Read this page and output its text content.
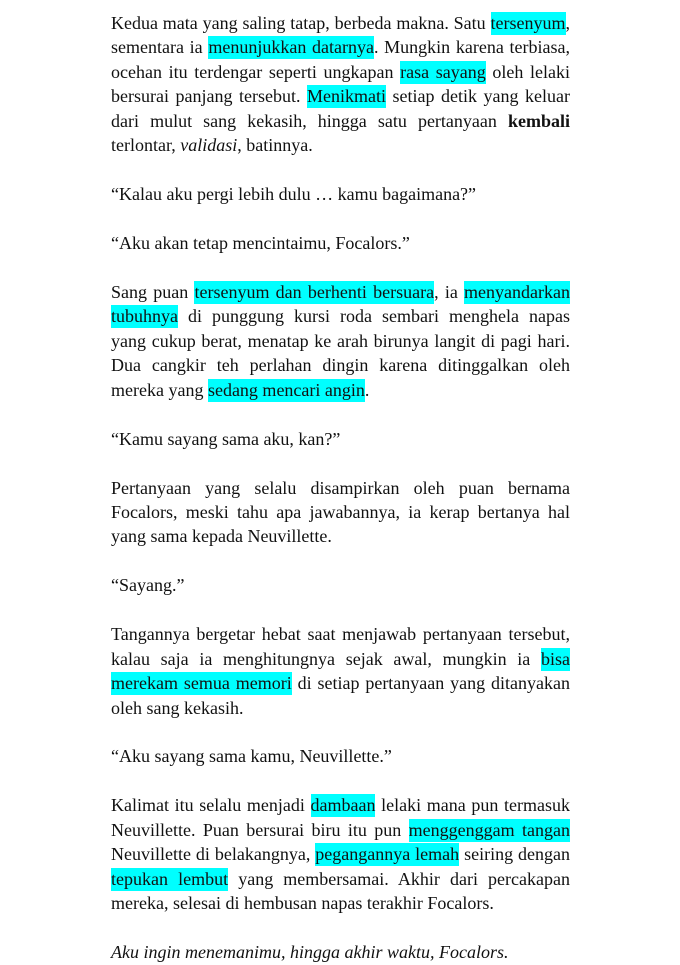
Kedua mata yang saling tatap, berbeda makna. Satu tersenyum, sementara ia menunjukkan datarnya. Mungkin karena terbiasa, ocehan itu terdengar seperti ungkapan rasa sayang oleh lelaki bersurai panjang tersebut. Menikmati setiap detik yang keluar dari mulut sang kekasih, hingga satu pertanyaan kembali terlontar, validasi, batinnya.

“Kalau aku pergi lebih dulu … kamu bagaimana?”

“Aku akan tetap mencintaimu, Focalors.”

Sang puan tersenyum dan berhenti bersuara, ia menyandarkan tubuhnya di punggung kursi roda sembari menghela napas yang cukup berat, menatap ke arah birunya langit di pagi hari. Dua cangkir teh perlahan dingin karena ditinggalkan oleh mereka yang sedang mencari angin.

“Kamu sayang sama aku, kan?”

Pertanyaan yang selalu disampirkan oleh puan bernama Focalors, meski tahu apa jawabannya, ia kerap bertanya hal yang sama kepada Neuvillette.

“Sayang.”

Tangannya bergetar hebat saat menjawab pertanyaan tersebut, kalau saja ia menghitungnya sejak awal, mungkin ia bisa merekam semua memori di setiap pertanyaan yang ditanyakan oleh sang kekasih.

“Aku sayang sama kamu, Neuvillette.”

Kalimat itu selalu menjadi dambaan lelaki mana pun termasuk Neuvillette. Puan bersurai biru itu pun menggenggam tangan Neuvillette di belakangnya, pegangannya lemah seiring dengan tepukan lembut yang membersamai. Akhir dari percakapan mereka, selesai di hembusan napas terakhir Focalors.

Aku ingin menemanimu, hingga akhir waktu, Focalors.
